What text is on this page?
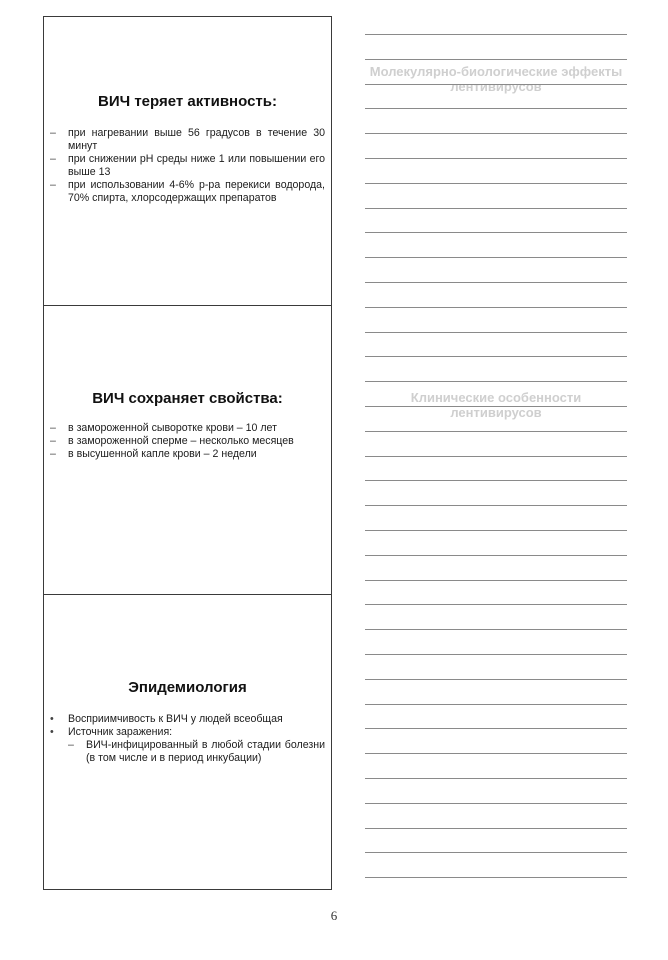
ВИЧ теряет активность:
– при нагревании выше 56 градусов в течение 30 минут
– при снижении рН среды ниже 1 или повышении его выше 13
– при использовании 4-6% р-ра перекиси водорода, 70% спирта, хлорсодержащих препаратов
ВИЧ сохраняет свойства:
– в замороженной сыворотке крови – 10 лет
– в замороженной сперме – несколько месяцев
– в высушенной капле крови – 2 недели
Эпидемиология
• Восприимчивость к ВИЧ у людей всеобщая
• Источник заражения:
– ВИЧ-инфицированный в любой стадии болезни (в том числе и в период инкубации)
Молекулярно-биологические эффекты лентивирусов
Клинические особенности лентивирусов
6
